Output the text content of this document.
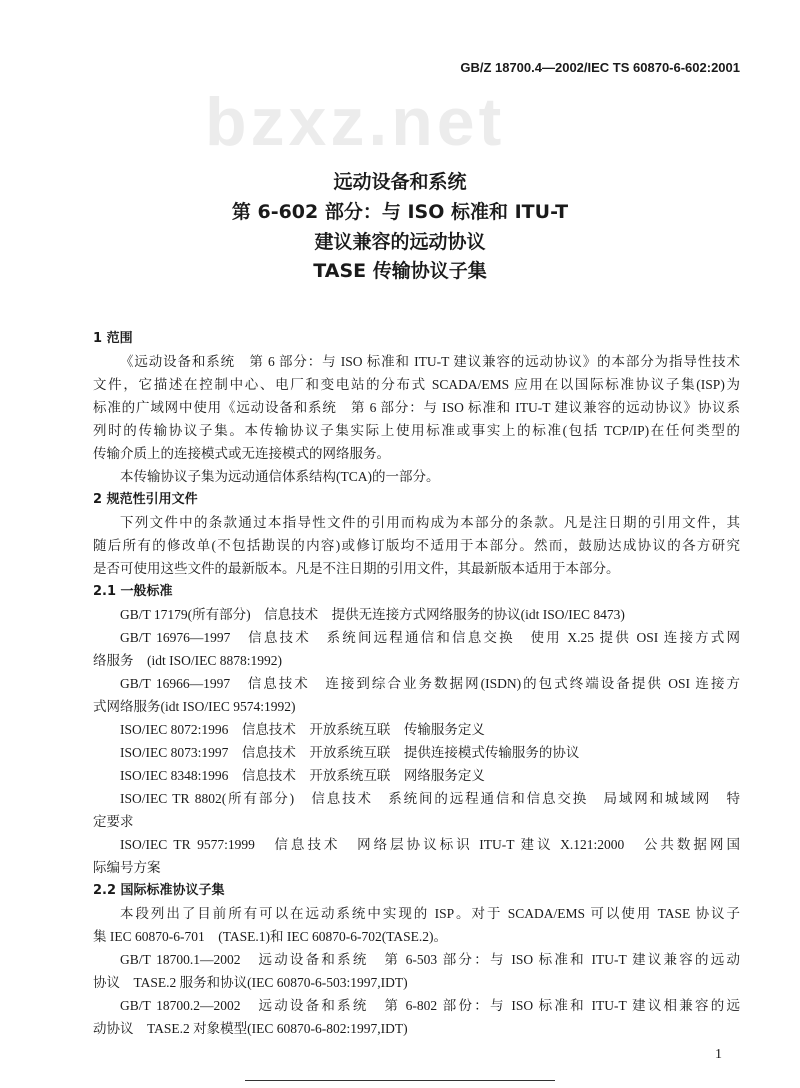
bzxz.net
GB/Z 18700.4—2002/IEC TS 60870-6-602:2001
远动设备和系统
第 6-602 部分：与 ISO 标准和 ITU-T
建议兼容的远动协议
TASE 传输协议子集
1 范围
《远动设备和系统　第 6 部分：与 ISO 标准和 ITU-T 建议兼容的远动协议》的本部分为指导性技术
文件，它描述在控制中心、电厂和变电站的分布式 SCADA/EMS 应用在以国际标准协议子集(ISP)为
标准的广域网中使用《远动设备和系统　第 6 部分：与 ISO 标准和 ITU-T 建议兼容的远动协议》协议系
列时的传输协议子集。本传输协议子集实际上使用标准或事实上的标准(包括 TCP/IP)在任何类型的
传输介质上的连接模式或无连接模式的网络服务。
本传输协议子集为远动通信体系结构(TCA)的一部分。
2 规范性引用文件
下列文件中的条款通过本指导性文件的引用而构成为本部分的条款。凡是注日期的引用文件，其
随后所有的修改单(不包括勘误的内容)或修订版均不适用于本部分。然而，鼓励达成协议的各方研究
是否可使用这些文件的最新版本。凡是不注日期的引用文件，其最新版本适用于本部分。
2.1 一般标准
GB/T 17179(所有部分)　信息技术　提供无连接方式网络服务的协议(idt ISO/IEC 8473)
GB/T 16976—1997　信息技术　系统间远程通信和信息交换　使用 X.25 提供 OSI 连接方式网
络服务　(idt ISO/IEC 8878:1992)
GB/T 16966—1997　信息技术　连接到综合业务数据网(ISDN)的包式终端设备提供 OSI 连接方
式网络服务(idt ISO/IEC 9574:1992)
ISO/IEC 8072:1996　信息技术　开放系统互联　传输服务定义
ISO/IEC 8073:1997　信息技术　开放系统互联　提供连接模式传输服务的协议
ISO/IEC 8348:1996　信息技术　开放系统互联　网络服务定义
ISO/IEC TR 8802(所有部分)　信息技术　系统间的远程通信和信息交换　局域网和城域网　特
定要求
ISO/IEC TR 9577:1999　信息技术　网络层协议标识 ITU-T 建议 X.121:2000　公共数据网国
际编号方案
2.2 国际标准协议子集
本段列出了目前所有可以在远动系统中实现的 ISP。对于 SCADA/EMS 可以使用 TASE 协议子
集 IEC 60870-6-701　(TASE.1)和 IEC 60870-6-702(TASE.2)。
GB/T 18700.1—2002　远动设备和系统　第 6-503 部分：与 ISO 标准和 ITU-T 建议兼容的远动
协议　TASE.2 服务和协议(IEC 60870-6-503:1997,IDT)
GB/T 18700.2—2002　远动设备和系统　第 6-802 部份：与 ISO 标准和 ITU-T 建议相兼容的远
动协议　TASE.2 对象模型(IEC 60870-6-802:1997,IDT)
1
